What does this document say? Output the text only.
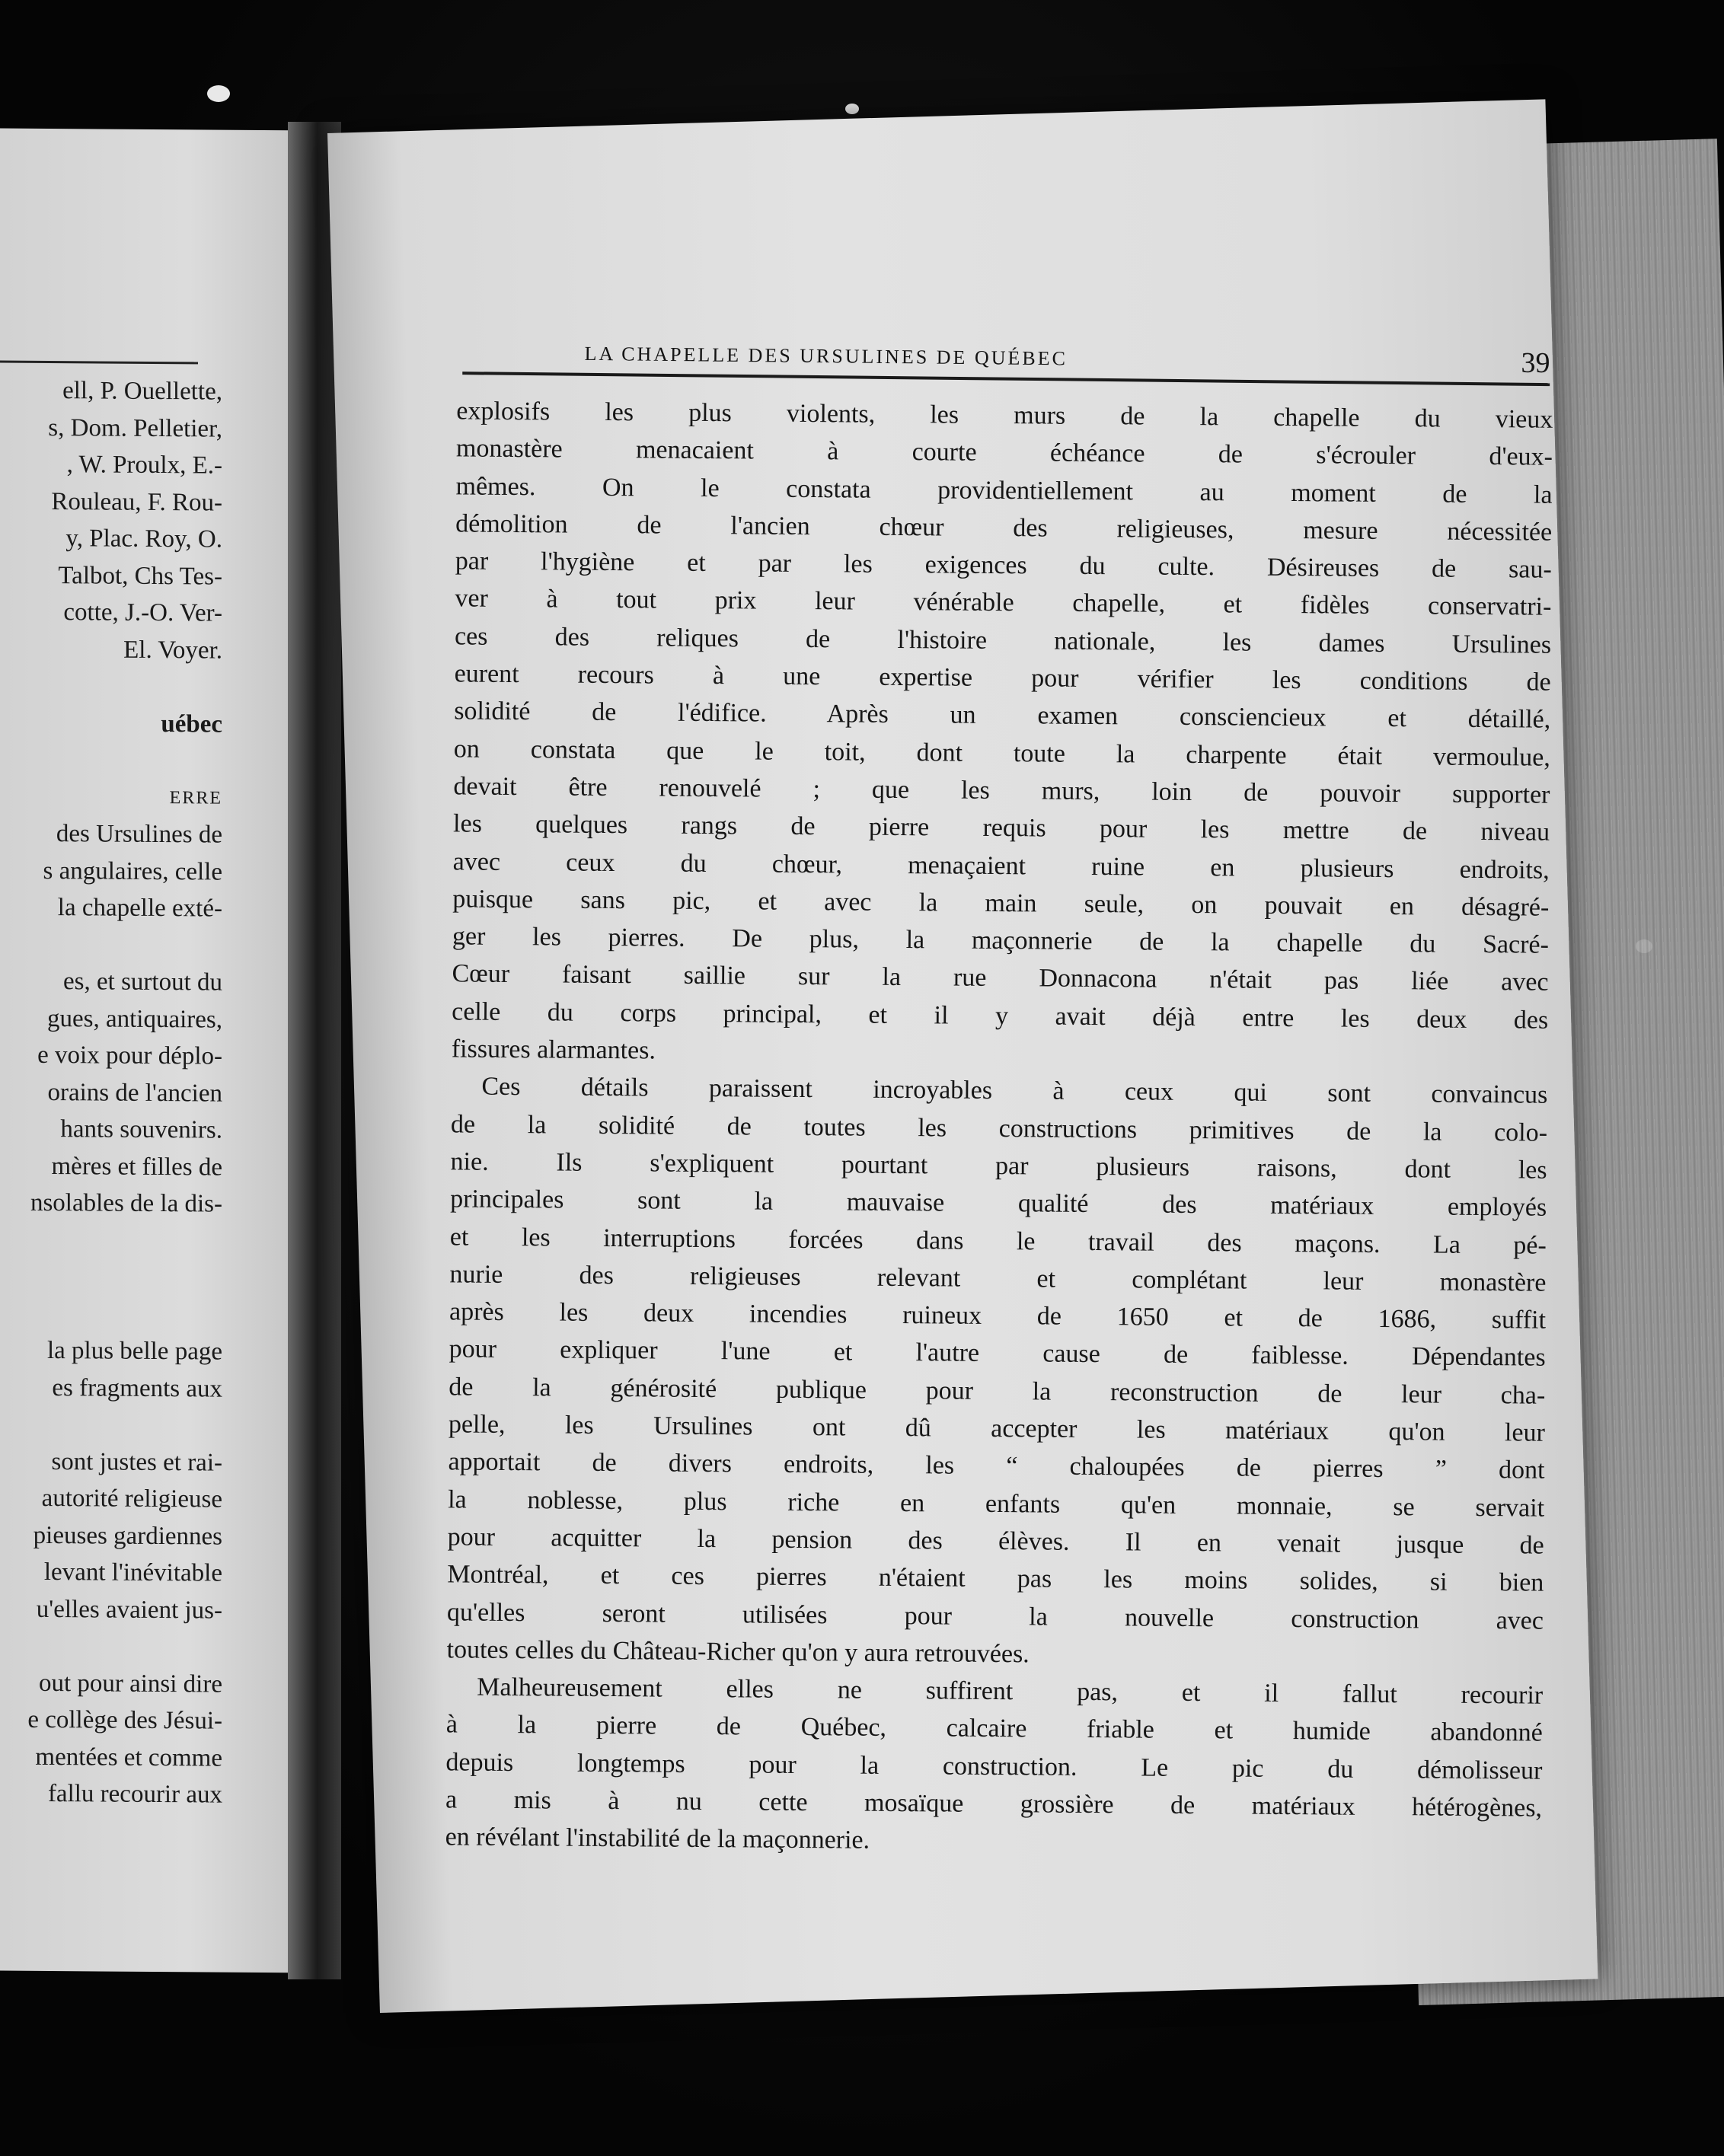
ell, P. Ouellette,
s, Dom. Pelletier,
, W. Proulx, E.-
Rouleau, F. Rou-
y, Plac. Roy, O.
Talbot, Chs Tes-
cotte, J.-O. Ver-
El. Voyer.
uébec
ERRE
des Ursulines de
s angulaires, celle
la chapelle exté-
es, et surtout du
gues, antiquaires,
e voix pour déplo-
orains de l'ancien
hants souvenirs.
mères et filles de
nsolables de la dis-
la plus belle page
es fragments aux
sont justes et rai-
autorité religieuse
pieuses gardiennes
levant l'inévitable
u'elles avaient jus-
out pour ainsi dire
e collège des Jésui-
mentées et comme
fallu recourir aux
LA CHAPELLE DES URSULINES DE QUÉBEC	39
explosifs les plus violents, les murs de la chapelle du vieux
monastère menacaient à courte échéance de s'écrouler d'eux-
mêmes. On le constata providentiellement au moment de la
démolition de l'ancien chœur des religieuses, mesure nécessitée
par l'hygiène et par les exigences du culte. Désireuses de sau-
ver à tout prix leur vénérable chapelle, et fidèles conservatri-
ces des reliques de l'histoire nationale, les dames Ursulines
eurent recours à une expertise pour vérifier les conditions de
solidité de l'édifice. Après un examen consciencieux et détaillé,
on constata que le toit, dont toute la charpente était vermoulue,
devait être renouvelé ; que les murs, loin de pouvoir supporter
les quelques rangs de pierre requis pour les mettre de niveau
avec ceux du chœur, menaçaient ruine en plusieurs endroits,
puisque sans pic, et avec la main seule, on pouvait en désagré-
ger les pierres. De plus, la maçonnerie de la chapelle du Sacré-
Cœur faisant saillie sur la rue Donnacona n'était pas liée avec
celle du corps principal, et il y avait déjà entre les deux des
fissures alarmantes.
Ces détails paraissent incroyables à ceux qui sont convaincus
de la solidité de toutes les constructions primitives de la colo-
nie. Ils s'expliquent pourtant par plusieurs raisons, dont les
principales sont la mauvaise qualité des matériaux employés
et les interruptions forcées dans le travail des maçons. La pé-
nurie des religieuses relevant et complétant leur monastère
après les deux incendies ruineux de 1650 et de 1686, suffit
pour expliquer l'une et l'autre cause de faiblesse. Dépendantes
de la générosité publique pour la reconstruction de leur cha-
pelle, les Ursulines ont dû accepter les matériaux qu'on leur
apportait de divers endroits, les “ chaloupées de pierres ” dont
la noblesse, plus riche en enfants qu'en monnaie, se servait
pour acquitter la pension des élèves. Il en venait jusque de
Montréal, et ces pierres n'étaient pas les moins solides, si bien
qu'elles seront utilisées pour la nouvelle construction avec
toutes celles du Château-Richer qu'on y aura retrouvées.
Malheureusement elles ne suffirent pas, et il fallut recourir
à la pierre de Québec, calcaire friable et humide abandonné
depuis longtemps pour la construction. Le pic du démolisseur
a mis à nu cette mosaïque grossière de matériaux hétérogènes,
en révélant l'instabilité de la maçonnerie.
